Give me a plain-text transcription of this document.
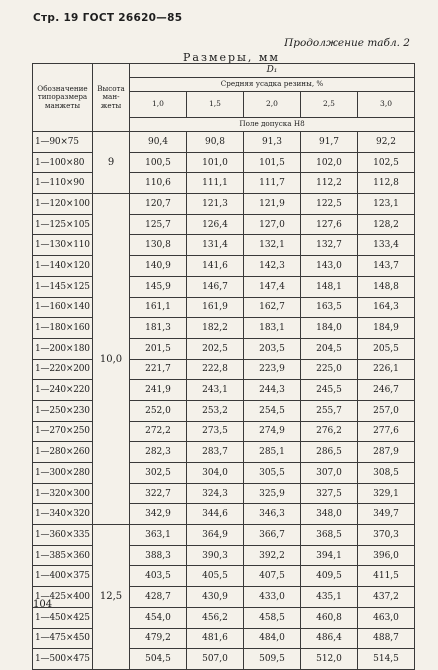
Стр. 19 ГОСТ 26620—85
Продолжение табл. 2
Размеры, мм
Обозначение типоразмера манжеты	Высота ман-жеты	D₁				
		Средняя усадка резины, %				
		1,0	1,5	2,0	2,5	3,0
		Поле допуска H8				
1—90×75	9	90,4	90,8	91,3	91,7	92,2
1—100×80		100,5	101,0	101,5	102,0	102,5
1—110×90		110,6	111,1	111,7	112,2	112,8
1—120×100	10,0	120,7	121,3	121,9	122,5	123,1
1—125×105		125,7	126,4	127,0	127,6	128,2
1—130×110		130,8	131,4	132,1	132,7	133,4
1—140×120		140,9	141,6	142,3	143,0	143,7
1—145×125		145,9	146,7	147,4	148,1	148,8
1—160×140		161,1	161,9	162,7	163,5	164,3
1—180×160		181,3	182,2	183,1	184,0	184,9
1—200×180		201,5	202,5	203,5	204,5	205,5
1—220×200		221,7	222,8	223,9	225,0	226,1
1—240×220		241,9	243,1	244,3	245,5	246,7
1—250×230		252,0	253,2	254,5	255,7	257,0
1—270×250		272,2	273,5	274,9	276,2	277,6
1—280×260		282,3	283,7	285,1	286,5	287,9
1—300×280		302,5	304,0	305,5	307,0	308,5
1—320×300		322,7	324,3	325,9	327,5	329,1
1—340×320		342,9	344,6	346,3	348,0	349,7
1—360×335	12,5	363,1	364,9	366,7	368,5	370,3
1—385×360		388,3	390,3	392,2	394,1	396,0
1—400×375		403,5	405,5	407,5	409,5	411,5
1—425×400		428,7	430,9	433,0	435,1	437,2
1—450×425		454,0	456,2	458,5	460,8	463,0
1—475×450		479,2	481,6	484,0	486,4	488,7
1—500×475		504,5	507,0	509,5	512,0	514,5
104
